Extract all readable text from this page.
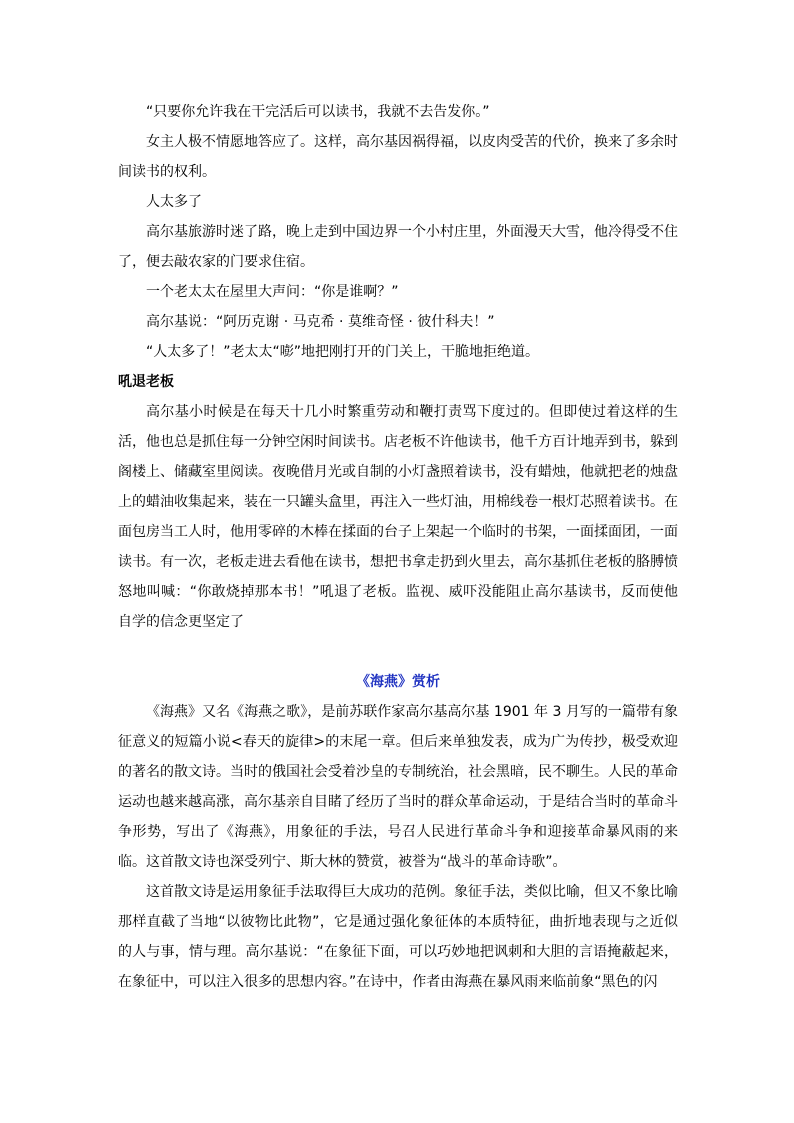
“只要你允许我在干完活后可以读书，我就不去告发你。”

女主人极不情愿地答应了。这样，高尔基因祸得福，以皮肉受苦的代价，换来了多余时间读书的权利。

人太多了

高尔基旅游时迷了路，晚上走到中国边界一个小村庄里，外面漫天大雪，他冷得受不住了，便去敲农家的门要求住宿。

一个老太太在屋里大声问：“你是谁啊？”

高尔基说：“阿历克谢 · 马克希 · 莫维奇怪 · 彼什科夫！”

“人太多了！”老太太“嘭”地把刚打开的门关上，干脆地拒绝道。

吼退老板

高尔基小时候是在每天十几小时繁重劳动和鞭打责骂下度过的。但即使过着这样的生活，他也总是抓住每一分钟空闲时间读书。店老板不许他读书，他千方百计地弄到书，躲到阁楼上、储藏室里阅读。夜晚借月光或自制的小灯盏照着读书，没有蜡烛，他就把老的烛盘上的蜡油收集起来，装在一只罐头盒里，再注入一些灯油，用棉线卷一根灯芯照着读书。在面包房当工人时，他用零碎的木棒在揉面的台子上架起一个临时的书架，一面揉面团，一面读书。有一次，老板走进去看他在读书，想把书拿走扔到火里去，高尔基抓住老板的胳膊愤怒地叫喊：“你敢烧掉那本书！”吼退了老板。监视、威吓没能阻止高尔基读书，反而使他自学的信念更坚定了

《海燕》赏析

《海燕》又名《海燕之歌》，是前苏联作家高尔基高尔基 1901 年 3 月写的一篇带有象征意义的短篇小说<春天的旋律>的末尾一章。但后来单独发表，成为广为传抄，极受欢迎的著名的散文诗。当时的俄国社会受着沙皇的专制统治，社会黑暗，民不聊生。人民的革命运动也越来越高涨，高尔基亲自目睹了经历了当时的群众革命运动，于是结合当时的革命斗争形势，写出了《海燕》，用象征的手法，号召人民进行革命斗争和迎接革命暴风雨的来临。这首散文诗也深受列宁、斯大林的赞赏，被誉为“战斗的革命诗歌”。

这首散文诗是运用象征手法取得巨大成功的范例。象征手法，类似比喻，但又不象比喻那样直截了当地“以彼物比此物”，它是通过强化象征体的本质特征，曲折地表现与之近似的人与事，情与理。高尔基说：“在象征下面，可以巧妙地把讽刺和大胆的言语掩蔽起来，在象征中，可以注入很多的思想内容。”在诗中，作者由海燕在暴风雨来临前象“黑色的闪
